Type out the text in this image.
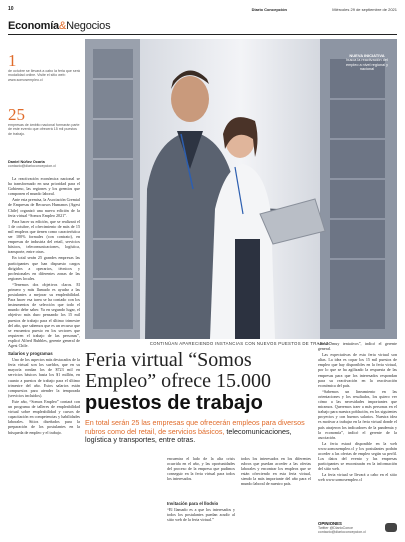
10	Diario Concepción	Miércoles 29 de septiembre de 2021
Economía&Negocios
1
de octubre se llevará a cabo la feria que será modalidad online. Visite el sitio web: www.somosempleo.cl
25
empresas de ámbito nacional formarán parte de este evento que ofrecerá 15 mil puestos de trabajo.
Daniel Núñez Ocaria
contacto@diarioconcepcion.cl

La reactivación económica nacional se ha transformado en una prioridad para el Gobierno, las regiones y los gremios que componen el mundo laboral.

Ante esta premisa, la Asociación Gremial de Empresas de Recursos Humanos (Agest Chile) organizó una nueva edición de la feria virtual “Somos Empleo 2021”.

Para hacer su edición, que se realizará el 1 de octubre, el ofrecimiento de más de 15 mil empleos que tienen como característica ser 100% formales (con contrato), en empresas de industria del retail, servicios básicos, telecomunicaciones, logística, transporte, entre otras.

En total serán 25 grandes empresas las participantes que han dispuesto cargos dirigidos a operarios, técnicos y profesionales en diferentes zonas de las regiones locales.

“Tenemos dos objetivos claros. El primero y más llamado es ayudar a las postulantes a mejorar su empleabilidad. Para hacer esa tarea se ha contado con los instrumentos de selección que todo el mundo debe saber. Ya en segundo lugar, el objetivo más duro pensando los 15 mil puestos de trabajo para el último trimestre del año, que sabemos que es un recurso que se encuentra puesto en los sectores que requieren el trabajo de las personas”, explicó Alfred Bubbles, gerente general de Agest Chile.

Salarios y programas

Uno de los aspectos más destacados de la feria virtual son los sueldos, que en su mayoría rondan los de $723 mil en servicios básicos hasta los $1 millón, en cuanto a puestos de trabajo para el último trimestre del año. Estos salarios están compuestos para atender la temporada (servicios incluidos).

Este año, “Somos Empleo” contará con un programa de talleres de empleabilidad virtual sobre empleabilidad y cursos de capacitación en competencias y habilidades laborales. Sitios diseñados para la preparación de los postulantes en la búsqueda de empleo y el trabajo.

NUEVA INICIATIVA
busca la reactivación del empleo a nivel regional y nacional
CONTINÚAN APARECIENDO INSTANCIAS CON NUEVOS PUESTOS DE TRABAJO
Feria virtual “Somos
Empleo” ofrece 15.000
puestos de trabajo
En total serán 25 las empresas que ofrecerán empleos para diversos rubros como del retail, de servicios básicos, telecomunicaciones, logística y transportes, entre otras.
encuentra el lado de la alta crisis ocurrida en el año, y las oportunidades del proceso de la empresa que pudimos conseguir en la feria virtual para todos los interesados.
Invitación para el llodvio
“El llamado es a que los interesados y todos los postulantes puedan acudir al sitio web de la feria virtual.”
todos los interesados en los diferentes rubros que puedan acceder a las ofertas laborales y encontrar los empleos que se están ofreciendo en esta feria virtual, siendo la más importante del año para el mundo laboral de nuestro país.

siendo muy tentativos”, indicó el gerente general.

Las expectativas de esta feria virtual son altas. La idea es copar los 15 mil puestos de empleo que hay disponibles en la feria virtual, por lo que se ha agilizado la respuesta de las empresas para que los interesados respondan para su reactivación en la reactivación económica del país.

“Sabemos un lineamiento en las orientaciones y los resultados, los quiero ver cómo a las necesidades importantes que miramos. Queremos traer a más personas en el trabajo para nuestra población, en los siguientes proyectos y con buenos salarios. Nuestra idea es motivar a trabajar en la feria virtual donde el país atrajeron los indicadores de la pandemia y la economía”, indicó el gerente de la asociación.

La feria estará disponible en la web www.somosempleo.cl y los postulantes podrán acceder a las ofertas de empleo según su perfil. Los datos del evento y las empresas participantes se encontrarán en la información del sitio web.

La feria virtual se llevará a cabo en el sitio web www.somosempleo.cl

OPINIONES
Twitter @DiarioConce contacto@diarioconcepcion.cl
